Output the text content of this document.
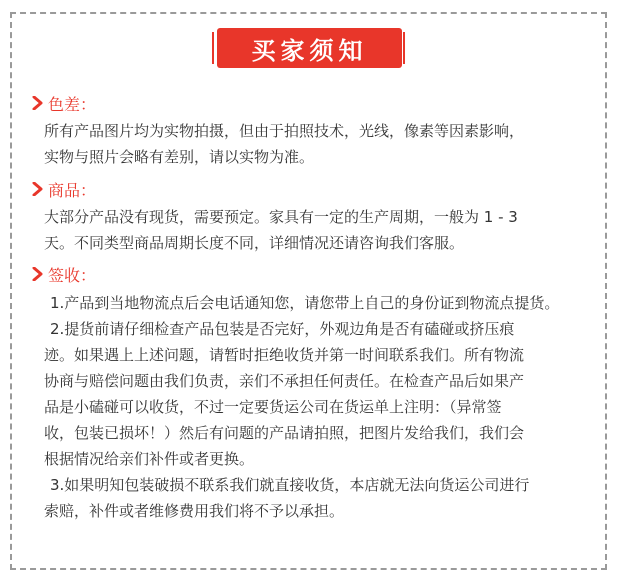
买家须知
色差：

所有产品图片均为实物拍摄，但由于拍照技术，光线，像素等因素影响，

实物与照片会略有差别，请以实物为准。

商品：

大部分产品没有现货，需要预定。家具有一定的生产周期，一般为 1 - 3

天。不同类型商品周期长度不同，详细情况还请咨询我们客服。

签收：

1.产品到当地物流点后会电话通知您，请您带上自己的身份证到物流点提货。

2.提货前请仔细检查产品包装是否完好，外观边角是否有磕碰或挤压痕

迹。如果遇上上述问题，请暂时拒绝收货并第一时间联系我们。所有物流

协商与赔偿问题由我们负责，亲们不承担任何责任。在检查产品后如果产

品是小磕碰可以收货，不过一定要货运公司在货运单上注明：（异常签

收，包装已损坏！）然后有问题的产品请拍照，把图片发给我们，我们会

根据情况给亲们补件或者更换。

3.如果明知包装破损不联系我们就直接收货，本店就无法向货运公司进行

索赔，补件或者维修费用我们将不予以承担。
